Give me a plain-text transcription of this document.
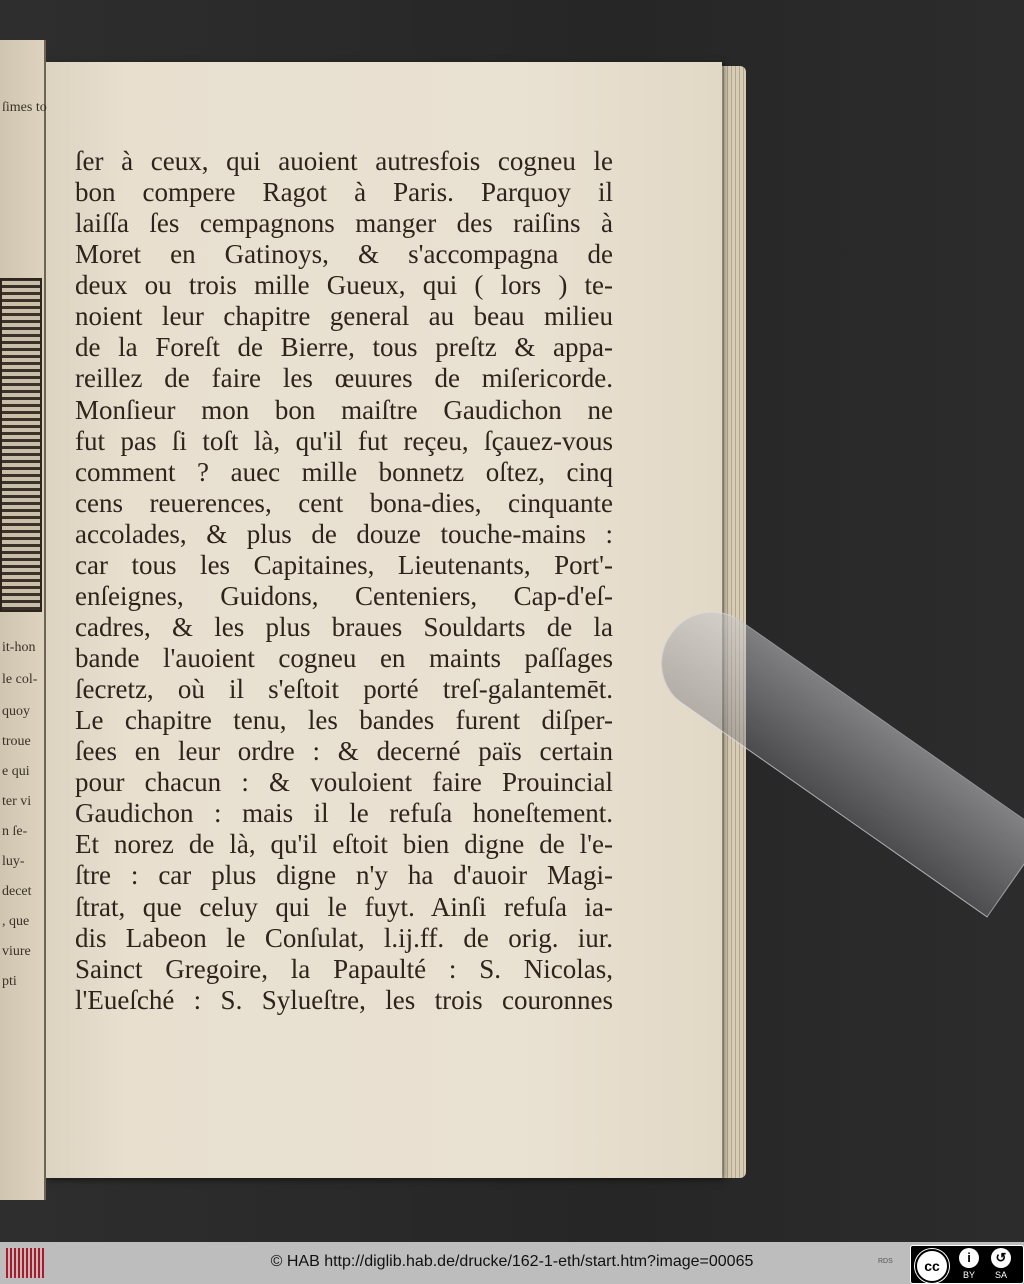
ſimes to
it-hon
le col-
quoy
troue
e qui
ter vi
n ſe-
luy-
decet
, que
viure
pti
ſer à ceux, qui auoient autresfois cogneu le
bon compere Ragot à Paris. Parquoy il
laiſſa ſes cempagnons manger des raiſins à
Moret en Gatinoys, & s'accompagna de
deux ou trois mille Gueux, qui ( lors ) te-
noient leur chapitre general au beau milieu
de la Foreſt de Bierre, tous preſtz & appa-
reillez de faire les œuures de miſericorde.
Monſieur mon bon maiſtre Gaudichon ne
fut pas ſi toſt là, qu'il fut reçeu, ſçauez-vous
comment ? auec mille bonnetz oſtez, cinq
cens reuerences, cent bona-dies, cinquante
accolades, & plus de douze touche-mains :
car tous les Capitaines, Lieutenants, Port'-
enſeignes, Guidons, Centeniers, Cap-d'eſ-
cadres, & les plus braues Souldarts de la
bande l'auoient cogneu en maints paſſages
ſecretz, où il s'eſtoit porté treſ-galantemēt.
Le chapitre tenu, les bandes furent diſper-
ſees en leur ordre : & decerné païs certain
pour chacun : & vouloient faire Prouincial
Gaudichon : mais il le refuſa honeſtement.
Et norez de là, qu'il eſtoit bien digne de l'e-
ſtre : car plus digne n'y ha d'auoir Magi-
ſtrat, que celuy qui le fuyt. Ainſi refuſa ia-
dis Labeon le Conſulat, l.ij.ff. de orig. iur.
Sainct Gregoire, la Papaulté : S. Nicolas,
l'Eueſché : S. Sylueſtre, les trois couronnes
© HAB http://diglib.hab.de/drucke/162-1-eth/start.htm?image=00065	RDS	cc
i	↺
BY SA
